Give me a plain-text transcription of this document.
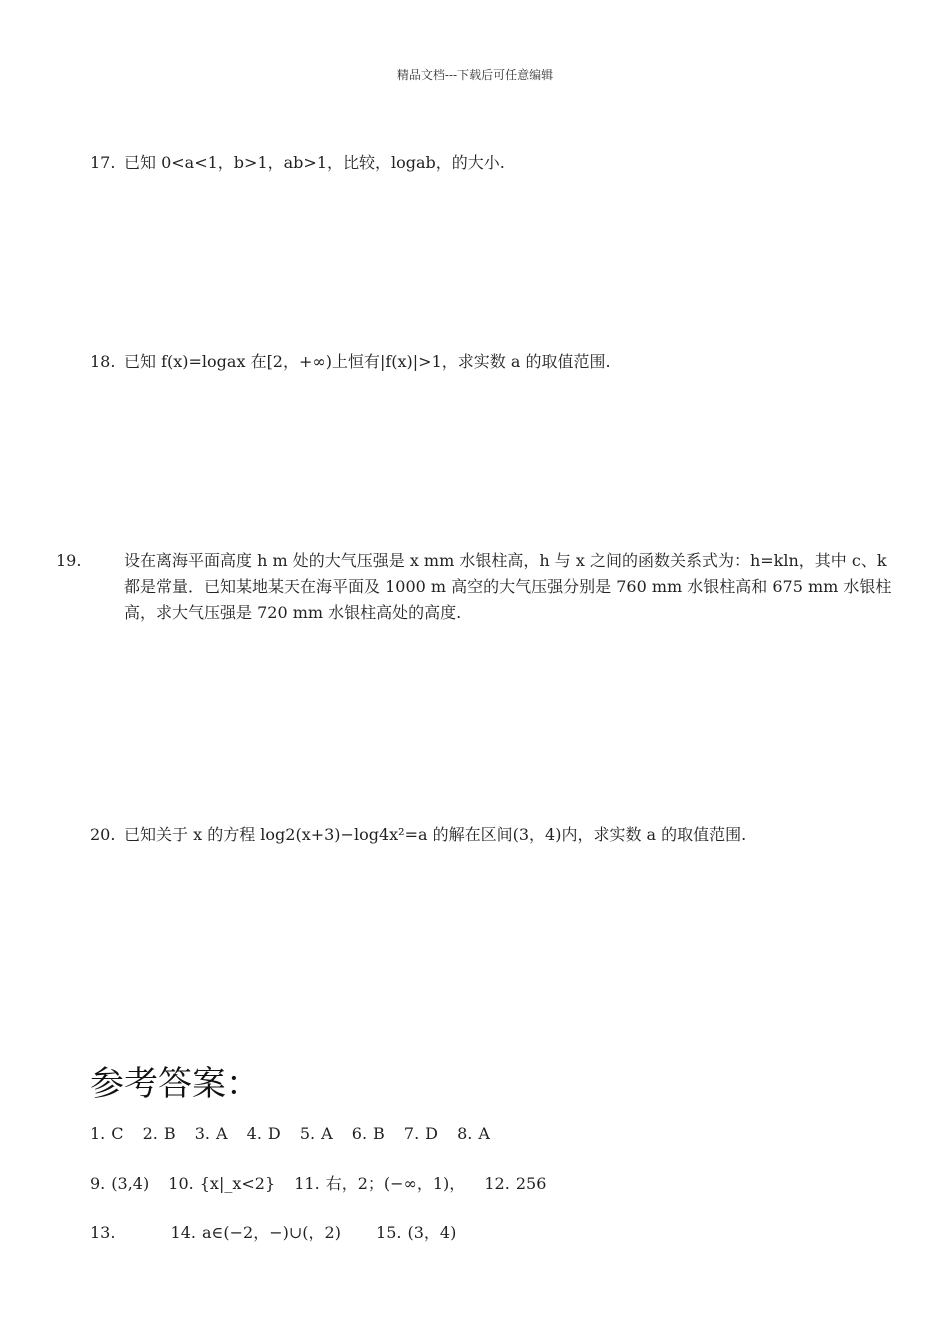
精品文档---下载后可任意编辑
17. 已知 0<a<1，b>1，ab>1，比较，logab，的大小.
18. 已知 f(x)=logax 在[2，+∞)上恒有|f(x)|>1，求实数 a 的取值范围.
19.	设在离海平面高度 h m 处的大气压强是 x mm 水银柱高，h 与 x 之间的函数关系式为：h=kln，其中 c、k 都是常量．已知某地某天在海平面及 1000 m 高空的大气压强分别是 760 mm 水银柱高和 675 mm 水银柱高，求大气压强是 720 mm 水银柱高处的高度.
20. 已知关于 x 的方程 log2(x+3)−log4x²=a 的解在区间(3，4)内，求实数 a 的取值范围.
参考答案：
1. C 2. B 3. A 4. D 5. A 6. B 7. D 8. A
9. (3,4) 10. {x|_x<2} 11. 右，2；(−∞，1)， 12. 256
13.	14. a∈(−2，−)∪(，2) 15. (3，4)
